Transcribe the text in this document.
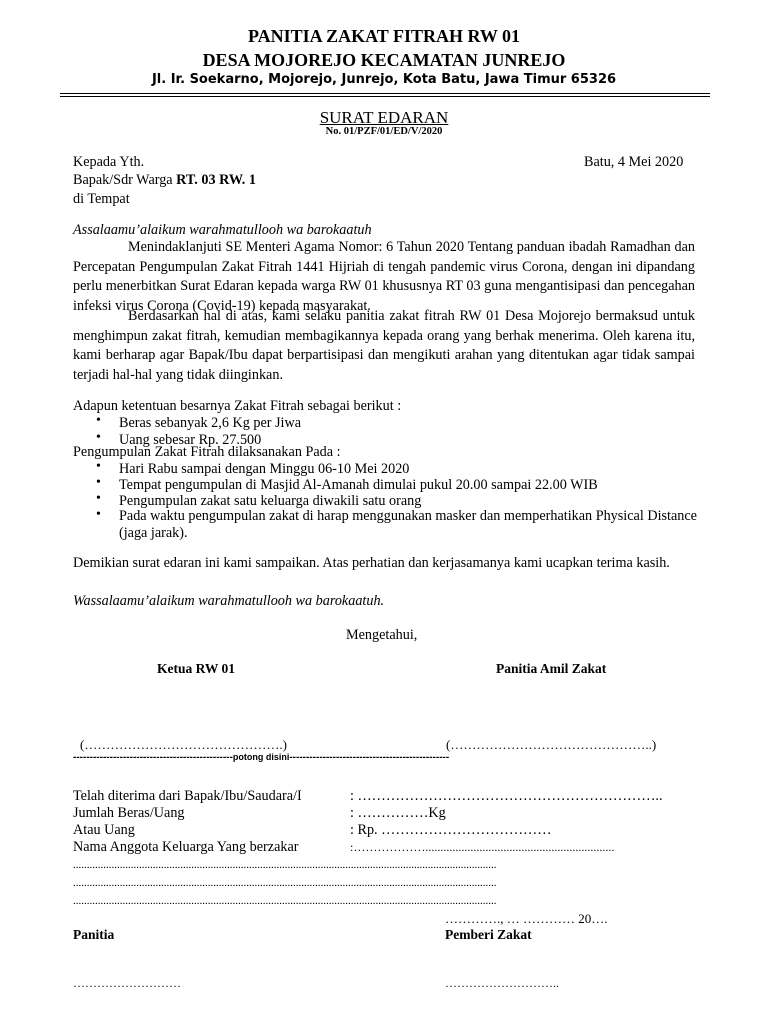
PANITIA ZAKAT FITRAH RW 01
DESA MOJOREJO KECAMATAN JUNREJO
Jl. Ir. Soekarno, Mojorejo, Junrejo, Kota Batu, Jawa Timur 65326
SURAT EDARAN
No. 01/PZF/01/ED/V/2020
Kepada Yth.	Batu, 4 Mei 2020
Bapak/Sdr Warga RT. 03 RW. 1
di Tempat
Assalaamu’alaikum warahmatullooh wa barokaatuh
Menindaklanjuti SE Menteri Agama Nomor: 6 Tahun 2020 Tentang panduan ibadah Ramadhan dan Percepatan Pengumpulan Zakat Fitrah 1441 Hijriah di tengah pandemic virus Corona, dengan ini dipandang perlu menerbitkan Surat Edaran kepada warga RW 01 khususnya RT 03 guna mengantisipasi dan pencegahan infeksi virus Corona (Covid-19) kepada masyarakat.
Berdasarkan hal di atas, kami selaku panitia zakat fitrah RW 01 Desa Mojorejo bermaksud untuk menghimpun zakat fitrah, kemudian membagikannya kepada orang yang berhak menerima. Oleh karena itu, kami berharap agar Bapak/Ibu dapat berpartisipasi dan mengikuti arahan yang ditentukan agar tidak sampai terjadi hal-hal yang tidak diinginkan.
Adapun ketentuan besarnya Zakat Fitrah sebagai berikut :
• Beras sebanyak 2,6 Kg per Jiwa
• Uang sebesar Rp. 27.500
Pengumpulan Zakat Fitrah dilaksanakan Pada :
• Hari Rabu sampai dengan Minggu 06-10 Mei 2020
• Tempat pengumpulan di Masjid Al-Amanah dimulai pukul 20.00 sampai 22.00 WIB
• Pengumpulan zakat satu keluarga diwakili satu orang
• Pada waktu pengumpulan zakat di harap menggunakan masker dan memperhatikan Physical Distance (jaga jarak).
Demikian surat edaran ini kami sampaikan. Atas perhatian dan kerjasamanya kami ucapkan terima kasih.
Wassalaamu’alaikum warahmatullooh wa barokaatuh.
Mengetahui,
Ketua RW 01	Panitia Amil Zakat
(……………………………………….)	(………………………………………..)
------------------------------------------------potong disini------------------------------------------------
Telah diterima dari Bapak/Ibu/Saudara/I	: ………………………………………………………..
Jumlah Beras/Uang	: ……………Kg
Atau Uang	: Rp. ………………………………
Nama Anggota Keluarga Yang berzakar	:………………...............................................................
..........................................................................................................................................................
..........................................................................................................................................................
..........................................................................................................................................................
…………., … ………… 20….
Panitia	Pemberi Zakat
………………………	………………………..
